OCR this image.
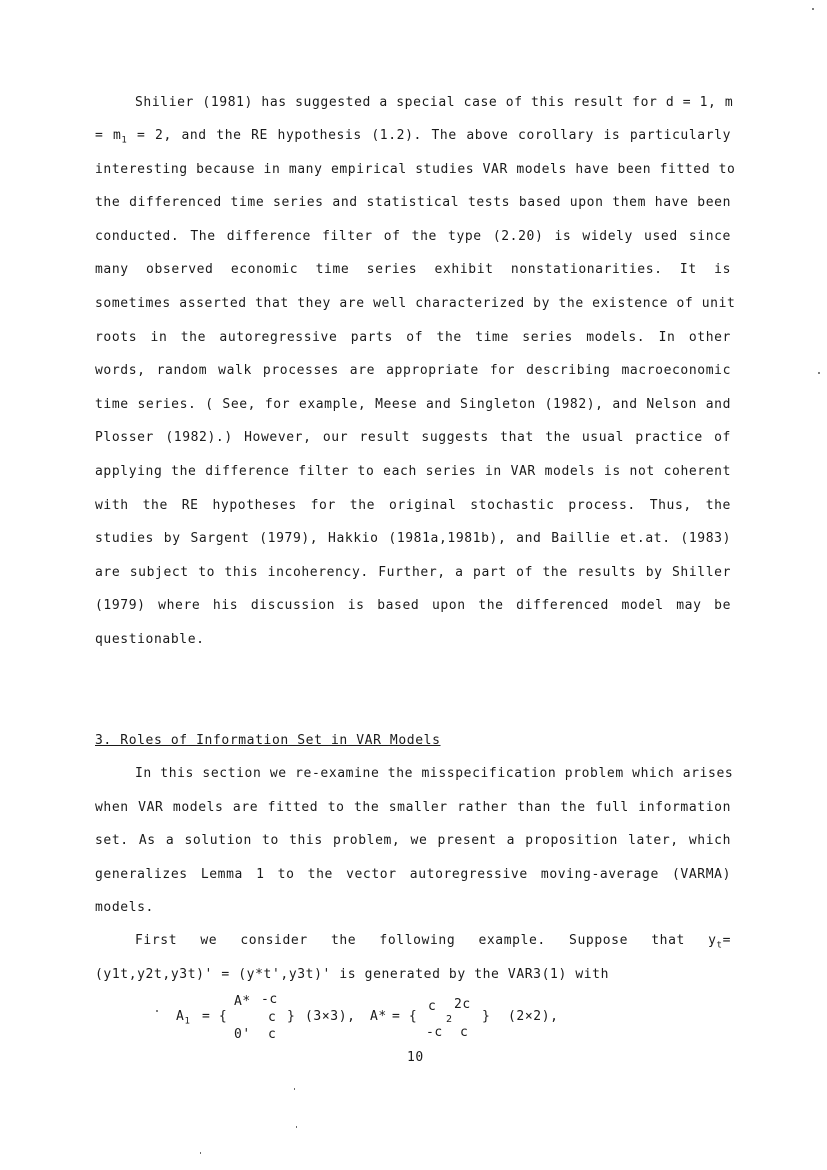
Shilier (1981) has suggested a special case of this result for d = 1, m
= $m_1 = 2$, and the RE hypothesis (1.2). The above corollary is particularly
interesting because in many empirical studies VAR models have been fitted to
the differenced time series and statistical tests based upon them have been
conducted. The difference filter of the type (2.20) is widely used since
many observed economic time series exhibit nonstationarities. It is
sometimes asserted that they are well characterized by the existence of unit
roots in the autoregressive parts of the time series models. In other
words, random walk processes are appropriate for describing macroeconomic
time series. ( See, for example, Meese and Singleton (1982), and Nelson and
Plosser (1982).) However, our result suggests that the usual practice of
applying the difference filter to each series in VAR models is not coherent
with the RE hypotheses for the original stochastic process. Thus, the
studies by Sargent (1979), Hakkio (1981a,1981b), and Baillie et.at. (1983)
are subject to this incoherency. Further, a part of the results by Shiller
(1979) where his discussion is based upon the differenced model may be
questionable.
3. Roles of Information Set in VAR Models
In this section we re-examine the misspecification problem which arises
when VAR models are fitted to the smaller rather than the full information
set. As a solution to this problem, we present a proposition later, which
generalizes Lemma 1 to the vector autoregressive moving-average (VARMA)
models.
First we consider the following example. Suppose that $y_t=$
(y1t,y2t,y3t)' = (y*t',y3t)' is generated by the VAR3(1) with
$A_1$ = {
A* -c
c
0' c
} (3×3), A* = {
c 2c
2
-c c
} (2×2),
10
